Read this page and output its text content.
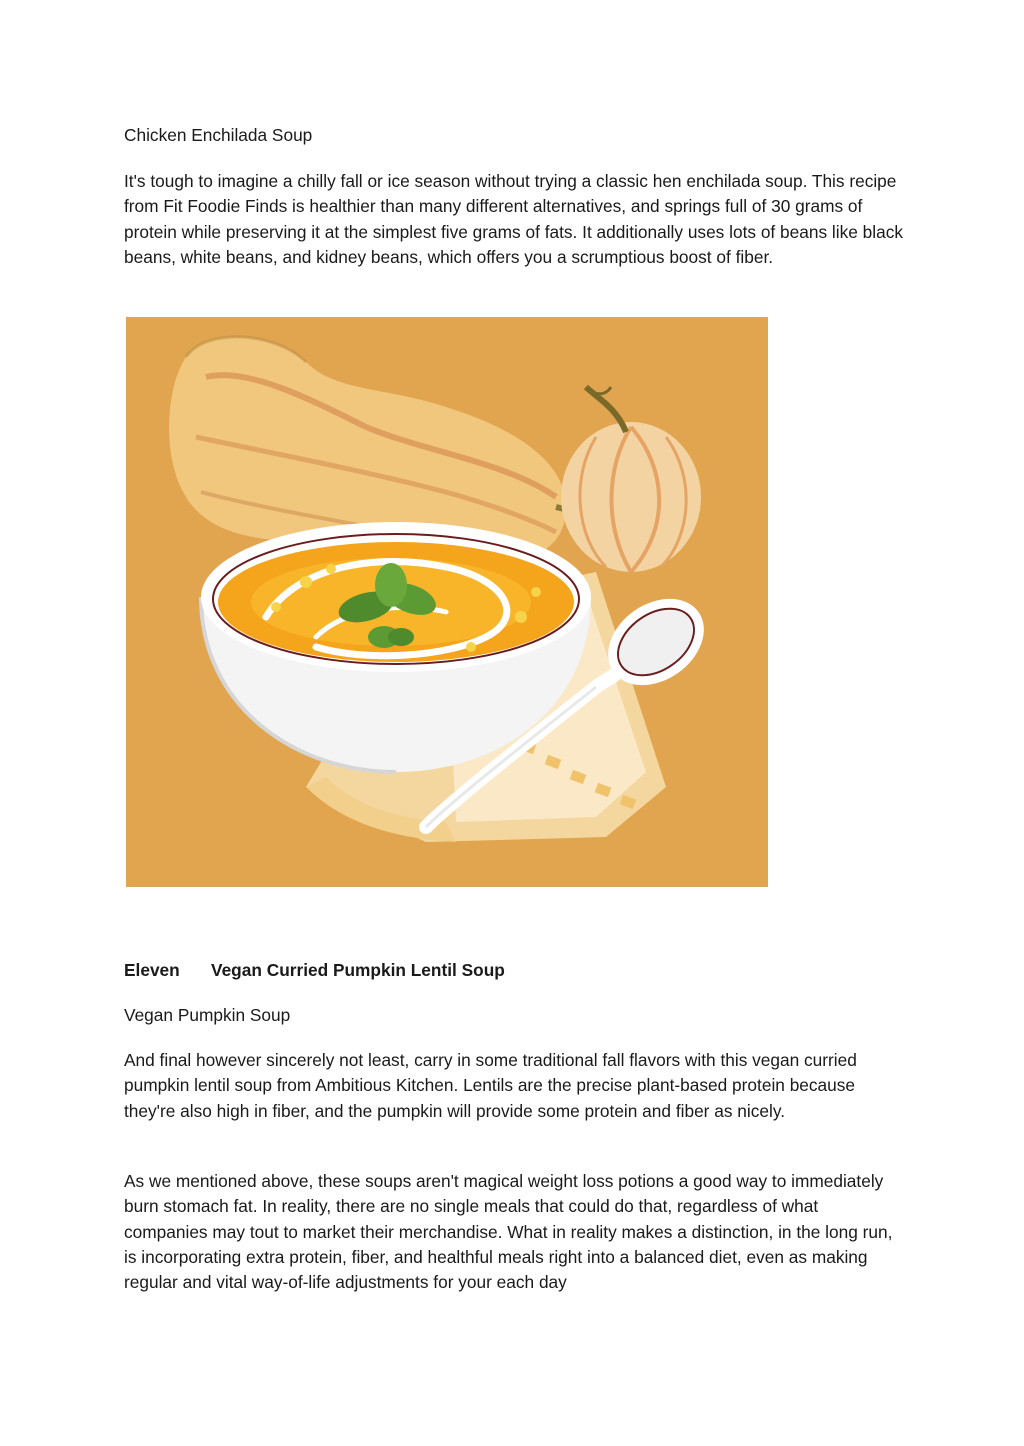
Chicken Enchilada Soup

It's tough to imagine a chilly fall or ice season without trying a classic hen enchilada soup. This recipe from Fit Foodie Finds is healthier than many different alternatives, and springs full of 30 grams of protein while preserving it at the simplest five grams of fats. It additionally uses lots of beans like black beans, white beans, and kidney beans, which offers you a scrumptious boost of fiber.

Eleven Vegan Curried Pumpkin Lentil Soup

Vegan Pumpkin Soup

And final however sincerely not least, carry in some traditional fall flavors with this vegan curried pumpkin lentil soup from Ambitious Kitchen. Lentils are the precise plant-based protein because they're also high in fiber, and the pumpkin will provide some protein and fiber as nicely.

As we mentioned above, these soups aren't magical weight loss potions a good way to immediately burn stomach fat. In reality, there are no single meals that could do that, regardless of what companies may tout to market their merchandise. What in reality makes a distinction, in the long run, is incorporating extra protein, fiber, and healthful meals right into a balanced diet, even as making regular and vital way-of-life adjustments for your each day
